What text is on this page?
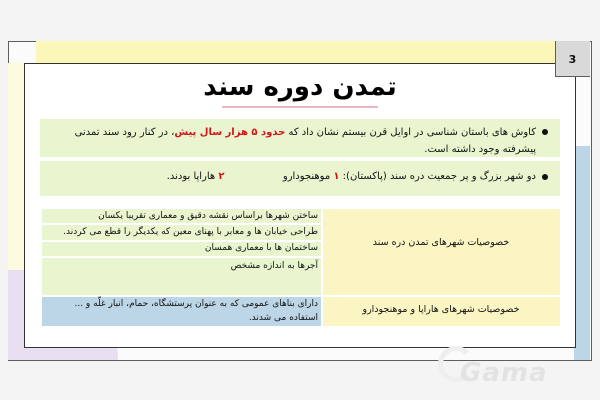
3
تمدن دوره سند
کاوش های باستان شناسی در اوایل قرن بیستم نشان داد که حدود ۵ هزار سال پیش، در کنار رود سند تمدنی پیشرفته وجود داشته است.
دو شهر بزرگ و پر جمعیت دره سند (پاکستان): ۱ موهنجودارو  ۲ هاراپا بودند.
ساختن شهرها براساس نقشه دقیق و معماری تقریبا یکسان
طراحی خیابان ها و معابر با پهنای معین که یکدیگر را قطع می کردند.
ساختمان ها با معماری همسان
آجرها به اندازه مشخص
خصوصیات شهرهای تمدن دره سند
دارای بناهای عمومی که به عنوان پرستشگاه، حمام، انبار غلّه و ...
استفاده می شدند.
خصوصیات شهرهای هاراپا و موهنجودارو
Gama
